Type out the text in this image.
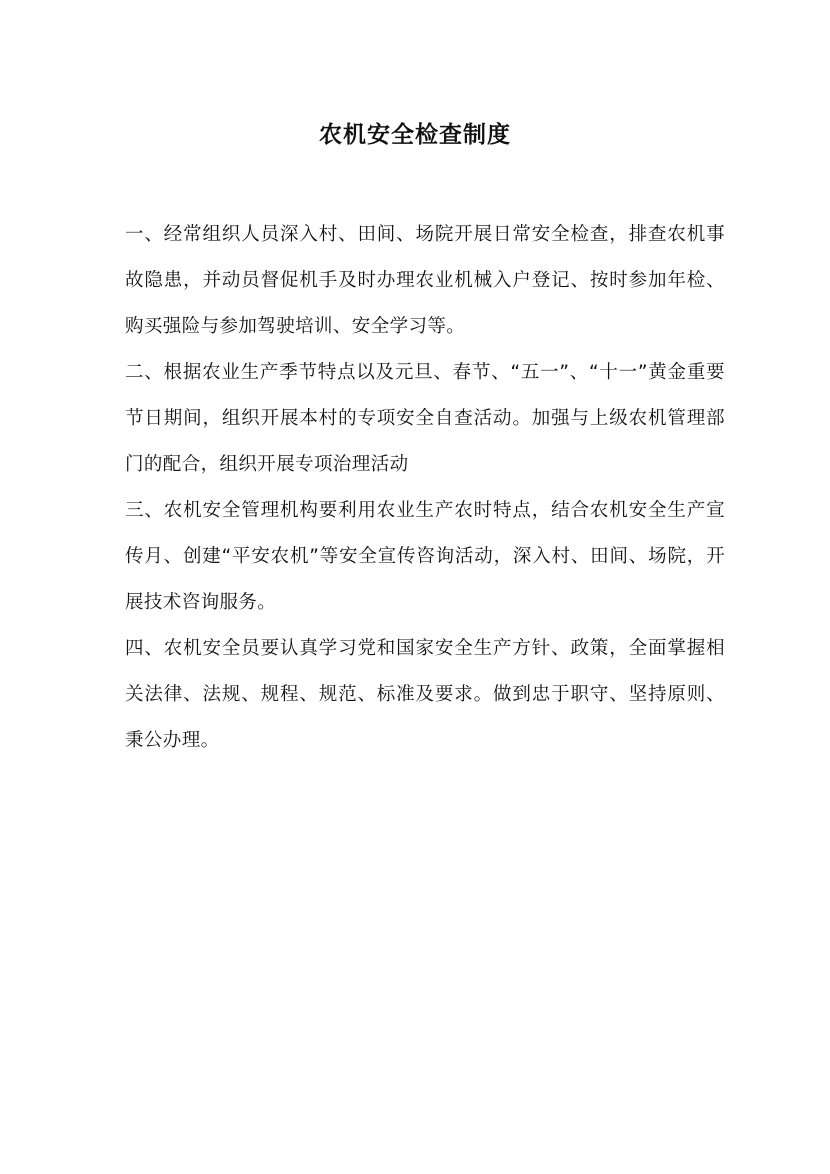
农机安全检查制度

一、经常组织人员深入村、田间、场院开展日常安全检查，排查农机事故隐患，并动员督促机手及时办理农业机械入户登记、按时参加年检、购买强险与参加驾驶培训、安全学习等。

二、根据农业生产季节特点以及元旦、春节、“五一”、“十一”黄金重要节日期间，组织开展本村的专项安全自查活动。加强与上级农机管理部门的配合，组织开展专项治理活动

三、农机安全管理机构要利用农业生产农时特点，结合农机安全生产宣传月、创建“平安农机”等安全宣传咨询活动，深入村、田间、场院，开展技术咨询服务。

四、农机安全员要认真学习党和国家安全生产方针、政策，全面掌握相关法律、法规、规程、规范、标准及要求。做到忠于职守、坚持原则、秉公办理。
